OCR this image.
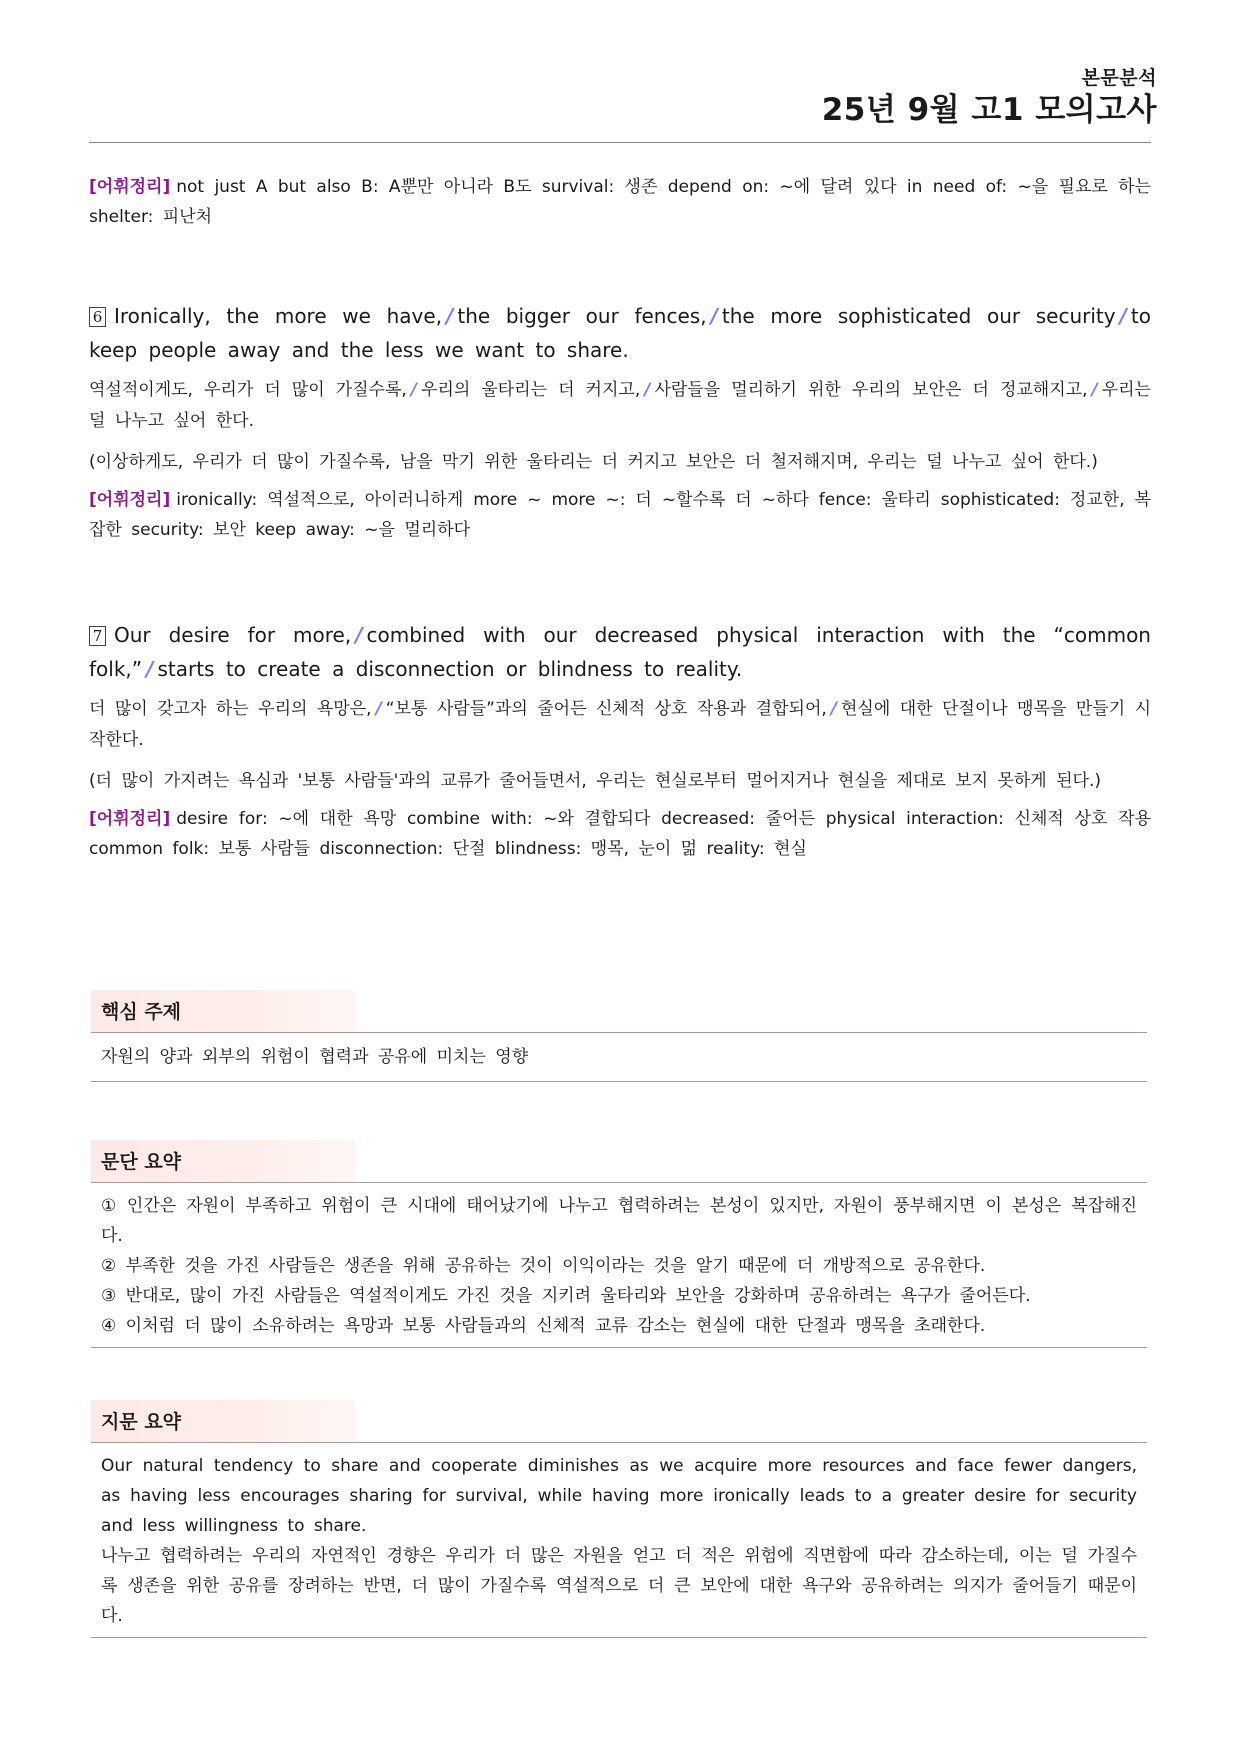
본문분석
25년 9월 고1 모의고사
[어휘정리] not just A but also B: A뿐만 아니라 B도 survival: 생존 depend on: ~에 달려 있다 in need of: ~을 필요로 하는 shelter: 피난처
6 Ironically, the more we have, / the bigger our fences, / the more sophisticated our security / to keep people away and the less we want to share.
역설적이게도, 우리가 더 많이 가질수록, / 우리의 울타리는 더 커지고, / 사람들을 멀리하기 위한 우리의 보안은 더 정교해지고, / 우리는 덜 나누고 싶어 한다.
(이상하게도, 우리가 더 많이 가질수록, 남을 막기 위한 울타리는 더 커지고 보안은 더 철저해지며, 우리는 덜 나누고 싶어 한다.)
[어휘정리] ironically: 역설적으로, 아이러니하게 more ~ more ~: 더 ~할수록 더 ~하다 fence: 울타리 sophisticated: 정교한, 복잡한 security: 보안 keep away: ~을 멀리하다
7 Our desire for more, / combined with our decreased physical interaction with the “common folk,” / starts to create a disconnection or blindness to reality.
더 많이 갖고자 하는 우리의 욕망은, / “보통 사람들”과의 줄어든 신체적 상호 작용과 결합되어, / 현실에 대한 단절이나 맹목을 만들기 시작한다.
(더 많이 가지려는 욕심과 '보통 사람들'과의 교류가 줄어들면서, 우리는 현실로부터 멀어지거나 현실을 제대로 보지 못하게 된다.)
[어휘정리] desire for: ~에 대한 욕망 combine with: ~와 결합되다 decreased: 줄어든 physical interaction: 신체적 상호 작용 common folk: 보통 사람들 disconnection: 단절 blindness: 맹목, 눈이 멂 reality: 현실
핵심 주제
자원의 양과 외부의 위험이 협력과 공유에 미치는 영향
문단 요약
① 인간은 자원이 부족하고 위험이 큰 시대에 태어났기에 나누고 협력하려는 본성이 있지만, 자원이 풍부해지면 이 본성은 복잡해진다.
② 부족한 것을 가진 사람들은 생존을 위해 공유하는 것이 이익이라는 것을 알기 때문에 더 개방적으로 공유한다.
③ 반대로, 많이 가진 사람들은 역설적이게도 가진 것을 지키려 울타리와 보안을 강화하며 공유하려는 욕구가 줄어든다.
④ 이처럼 더 많이 소유하려는 욕망과 보통 사람들과의 신체적 교류 감소는 현실에 대한 단절과 맹목을 초래한다.
지문 요약
Our natural tendency to share and cooperate diminishes as we acquire more resources and face fewer dangers, as having less encourages sharing for survival, while having more ironically leads to a greater desire for security and less willingness to share.
나누고 협력하려는 우리의 자연적인 경향은 우리가 더 많은 자원을 얻고 더 적은 위험에 직면함에 따라 감소하는데, 이는 덜 가질수록 생존을 위한 공유를 장려하는 반면, 더 많이 가질수록 역설적으로 더 큰 보안에 대한 욕구와 공유하려는 의지가 줄어들기 때문이다.
